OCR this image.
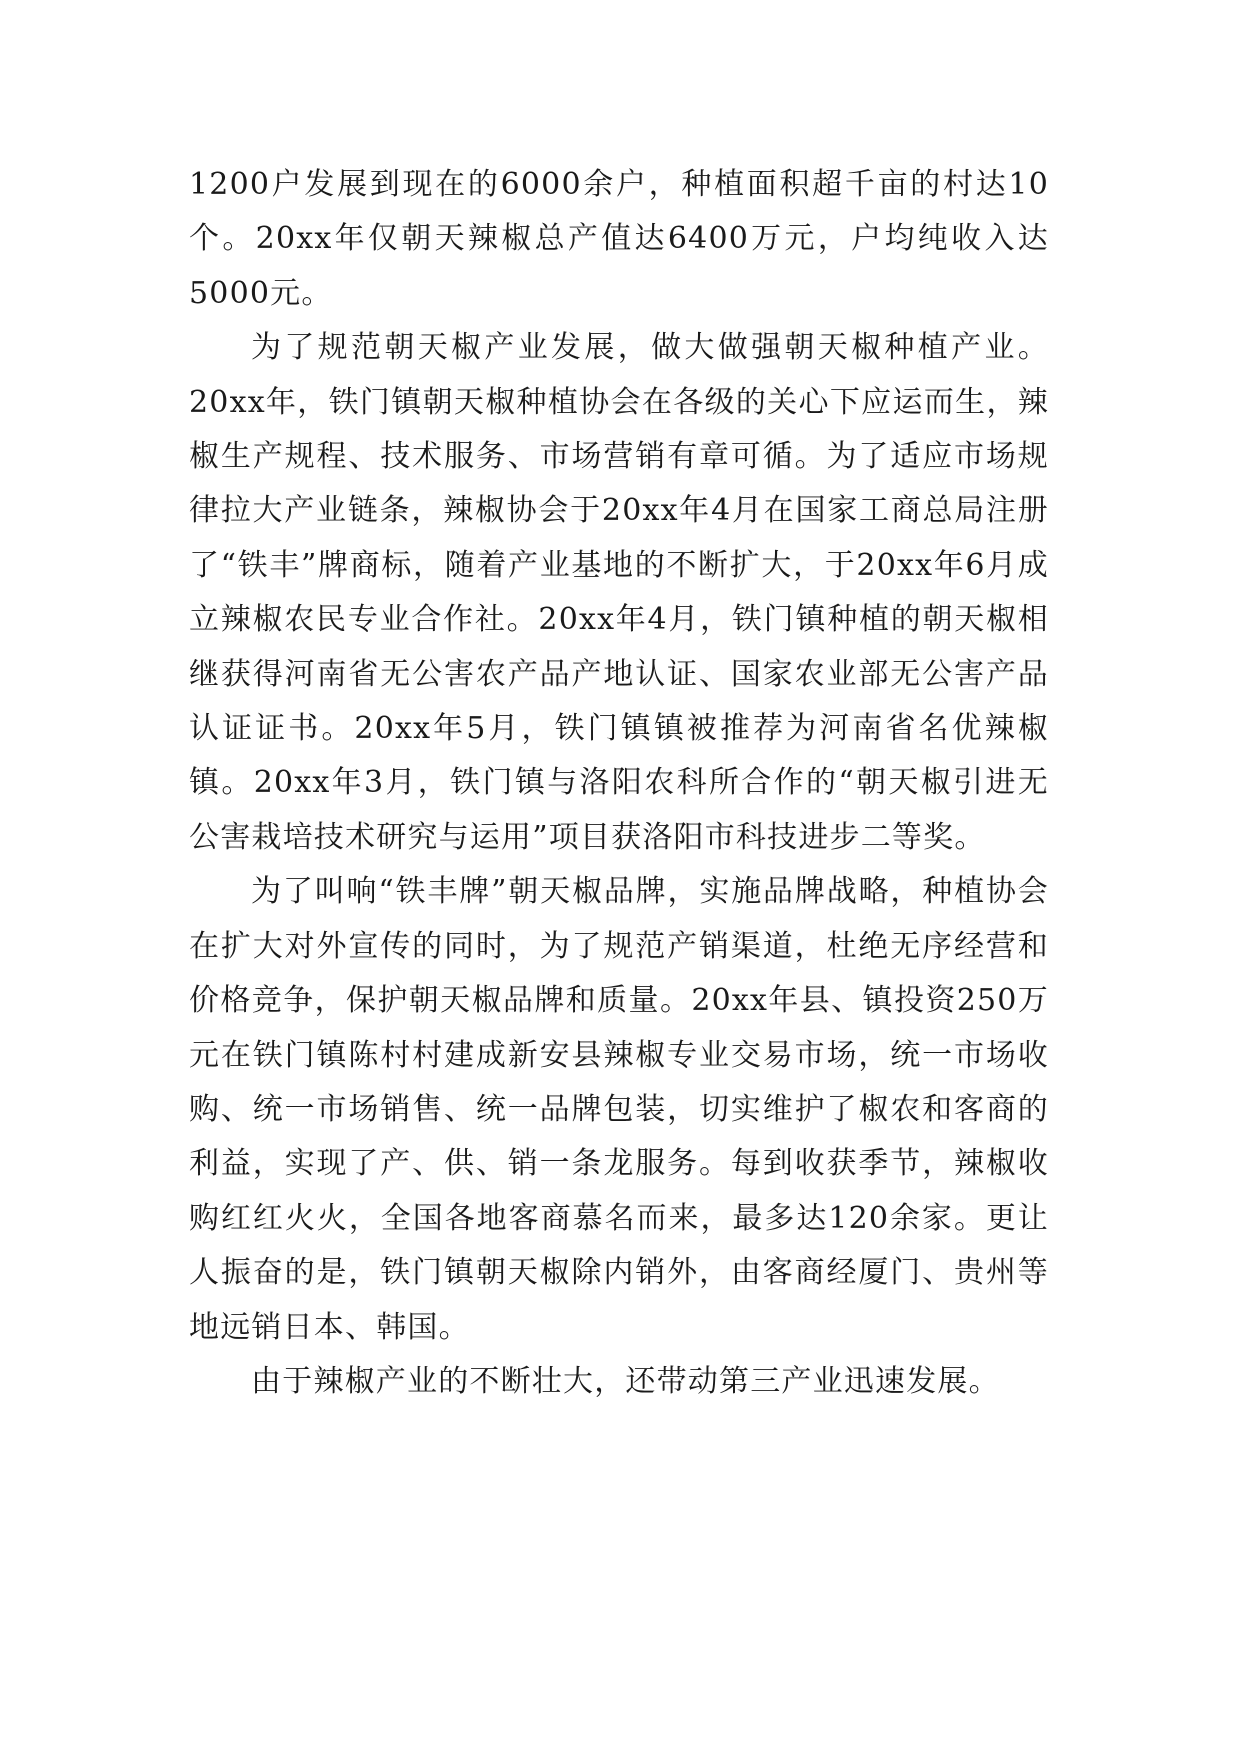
1200户发展到现在的6000余户，种植面积超千亩的村达10个。20xx年仅朝天辣椒总产值达6400万元，户均纯收入达5000元。

为了规范朝天椒产业发展，做大做强朝天椒种植产业。20xx年，铁门镇朝天椒种植协会在各级的关心下应运而生，辣椒生产规程、技术服务、市场营销有章可循。为了适应市场规律拉大产业链条，辣椒协会于20xx年4月在国家工商总局注册了“铁丰”牌商标，随着产业基地的不断扩大，于20xx年6月成立辣椒农民专业合作社。20xx年4月，铁门镇种植的朝天椒相继获得河南省无公害农产品产地认证、国家农业部无公害产品认证证书。20xx年5月，铁门镇镇被推荐为河南省名优辣椒镇。20xx年3月，铁门镇与洛阳农科所合作的“朝天椒引进无公害栽培技术研究与运用”项目获洛阳市科技进步二等奖。

为了叫响“铁丰牌”朝天椒品牌，实施品牌战略，种植协会在扩大对外宣传的同时，为了规范产销渠道，杜绝无序经营和价格竞争，保护朝天椒品牌和质量。20xx年县、镇投资250万元在铁门镇陈村村建成新安县辣椒专业交易市场，统一市场收购、统一市场销售、统一品牌包装，切实维护了椒农和客商的利益，实现了产、供、销一条龙服务。每到收获季节，辣椒收购红红火火，全国各地客商慕名而来，最多达120余家。更让人振奋的是，铁门镇朝天椒除内销外，由客商经厦门、贵州等地远销日本、韩国。

由于辣椒产业的不断壮大，还带动第三产业迅速发展。
